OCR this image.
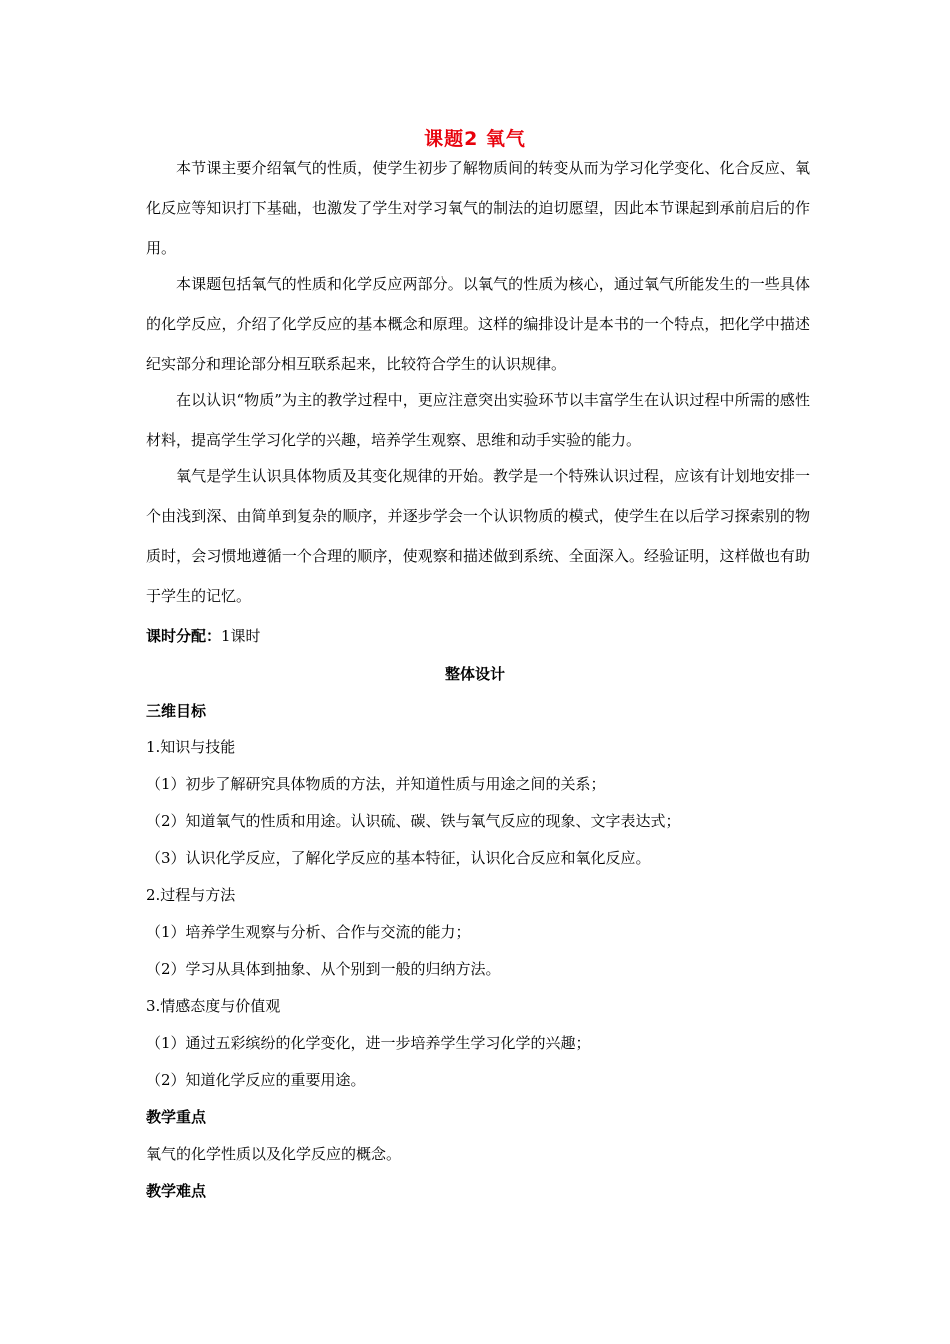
课题2 氧气

本节课主要介绍氧气的性质，使学生初步了解物质间的转变从而为学习化学变化、化合反应、氧化反应等知识打下基础，也激发了学生对学习氧气的制法的迫切愿望，因此本节课起到承前启后的作用。

本课题包括氧气的性质和化学反应两部分。以氧气的性质为核心，通过氧气所能发生的一些具体的化学反应，介绍了化学反应的基本概念和原理。这样的编排设计是本书的一个特点，把化学中描述纪实部分和理论部分相互联系起来，比较符合学生的认识规律。

在以认识“物质”为主的教学过程中，更应注意突出实验环节以丰富学生在认识过程中所需的感性材料，提高学生学习化学的兴趣，培养学生观察、思维和动手实验的能力。

氧气是学生认识具体物质及其变化规律的开始。教学是一个特殊认识过程，应该有计划地安排一个由浅到深、由简单到复杂的顺序，并逐步学会一个认识物质的模式，使学生在以后学习探索别的物质时，会习惯地遵循一个合理的顺序，使观察和描述做到系统、全面深入。经验证明，这样做也有助于学生的记忆。

课时分配：1课时
整体设计
三维目标
1.知识与技能
（1）初步了解研究具体物质的方法，并知道性质与用途之间的关系；
（2）知道氧气的性质和用途。认识硫、碳、铁与氧气反应的现象、文字表达式；
（3）认识化学反应，了解化学反应的基本特征，认识化合反应和氧化反应。
2.过程与方法
（1）培养学生观察与分析、合作与交流的能力；
（2）学习从具体到抽象、从个别到一般的归纳方法。
3.情感态度与价值观
（1）通过五彩缤纷的化学变化，进一步培养学生学习化学的兴趣；
（2）知道化学反应的重要用途。
教学重点
氧气的化学性质以及化学反应的概念。
教学难点
